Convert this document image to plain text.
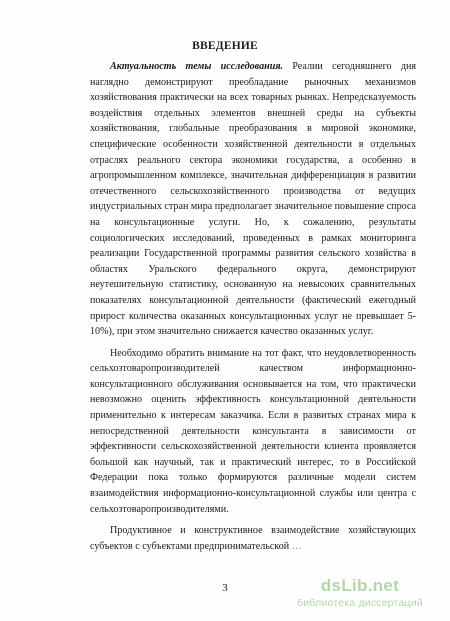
ВВЕДЕНИЕ

Актуальность темы исследования. Реалии сегодняшнего дня наглядно демонстрируют преобладание рыночных механизмов хозяйствования практически на всех товарных рынках. Непредсказуемость воздействия отдельных элементов внешней среды на субъекты хозяйствования, глобальные преобразования в мировой экономике, специфические особенности хозяйственной деятельности в отдельных отраслях реального сектора экономики государства, а особенно в агропромышленном комплексе, значительная дифференциация в развитии отечественного сельскохозяйственного производства от ведущих индустриальных стран мира предполагает значительное повышение спроса на консультационные услуги. Но, к сожалению, результаты социологических исследований, проведенных в рамках мониторинга реализации Государственной программы развития сельского хозяйства в областях Уральского федерального округа, демонстрируют неутешительную статистику, основанную на невысоких сравнительных показателях консультационной деятельности (фактический ежегодный прирост количества оказанных консультационных услуг не превышает 5-10%), при этом значительно снижается качество оказанных услуг.

Необходимо обратить внимание на тот факт, что неудовлетворенность сельхозтоваропроизводителей качеством информационно-консультационного обслуживания основывается на том, что практически невозможно оценить эффективность консультационной деятельности применительно к интересам заказчика. Если в развитых странах мира к непосредственной деятельности консультанта в зависимости от эффективности сельскохозяйственной деятельности клиента проявляется большой как научный, так и практический интерес, то в Российской Федерации пока только формируются различные модели систем взаимодействия информационно-консультационной службы или центра с сельхозтоваропроизводителями.

Продуктивное и конструктивное взаимодействие хозяйствующих субъектов с субъектами предпринимательской …

3	dsLib.net
библиотека диссертаций
